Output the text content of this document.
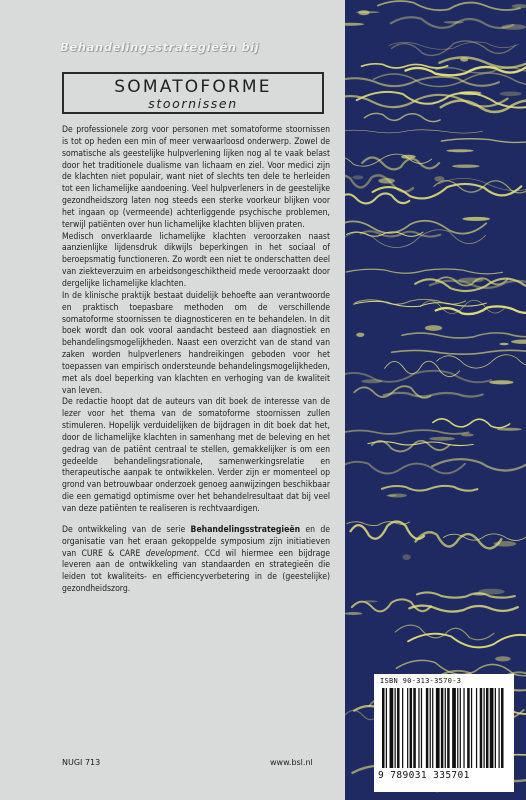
Behandelingsstrategieën bij
SOMATOFORME
stoornissen

De professionele zorg voor personen met somatoforme stoornissen is tot op heden een min of meer verwaarloosd onderwerp. Zowel de somatische als geestelijke hulpverlening lijken nog al te vaak belast door het traditionele dualisme van lichaam en ziel. Voor medici zijn de klachten niet populair, want niet of slechts ten dele te herleiden tot een lichamelijke aandoening. Veel hulpverleners in de geestelijke gezondheidszorg laten nog steeds een sterke voorkeur blijken voor het ingaan op (vermeende) achterliggende psychische problemen, terwijl patiënten over hun lichamelijke klachten blijven praten.

Medisch onverklaarde lichamelijke klachten veroorzaken naast aanzienlijke lijdensdruk dikwijls beperkingen in het sociaal of beroepsmatig functioneren. Zo wordt een niet te onderschatten deel van ziekteverzuim en arbeidsongeschiktheid mede veroorzaakt door dergelijke lichamelijke klachten.

In de klinische praktijk bestaat duidelijk behoefte aan verantwoorde en praktisch toepasbare methoden om de verschillende somatoforme stoornissen te diagnosticeren en te behandelen. In dit boek wordt dan ook vooral aandacht besteed aan diagnostiek en behandelingsmogelijkheden. Naast een overzicht van de stand van zaken worden hulpverleners handreikingen geboden voor het toepassen van empirisch ondersteunde behandelingsmogelijkheden, met als doel beperking van klachten en verhoging van de kwaliteit van leven.

De redactie hoopt dat de auteurs van dit boek de interesse van de lezer voor het thema van de somatoforme stoornissen zullen stimuleren. Hopelijk verduidelijken de bijdragen in dit boek dat het, door de lichamelijke klachten in samenhang met de beleving en het gedrag van de patiënt centraal te stellen, gemakkelijker is om een gedeelde behandelingsrationale, samenwerkingsrelatie en therapeutische aanpak te ontwikkelen. Verder zijn er momenteel op grond van betrouwbaar onderzoek genoeg aanwijzingen beschikbaar die een gematigd optimisme over het behandelresultaat dat bij veel van deze patiënten te realiseren is rechtvaardigen.

De ontwikkeling van de serie Behandelingsstrategieën en de organisatie van het eraan gekoppelde symposium zijn initiatieven van CURE & CARE development. CCd wil hiermee een bijdrage leveren aan de ontwikkeling van standaarden en strategieën die leiden tot kwaliteits- en efficiencyverbetering in de (geestelijke) gezondheidszorg.

ISBN 90-313-3570-3
9 789031 335701
NUGI 713	www.bsl.nl
